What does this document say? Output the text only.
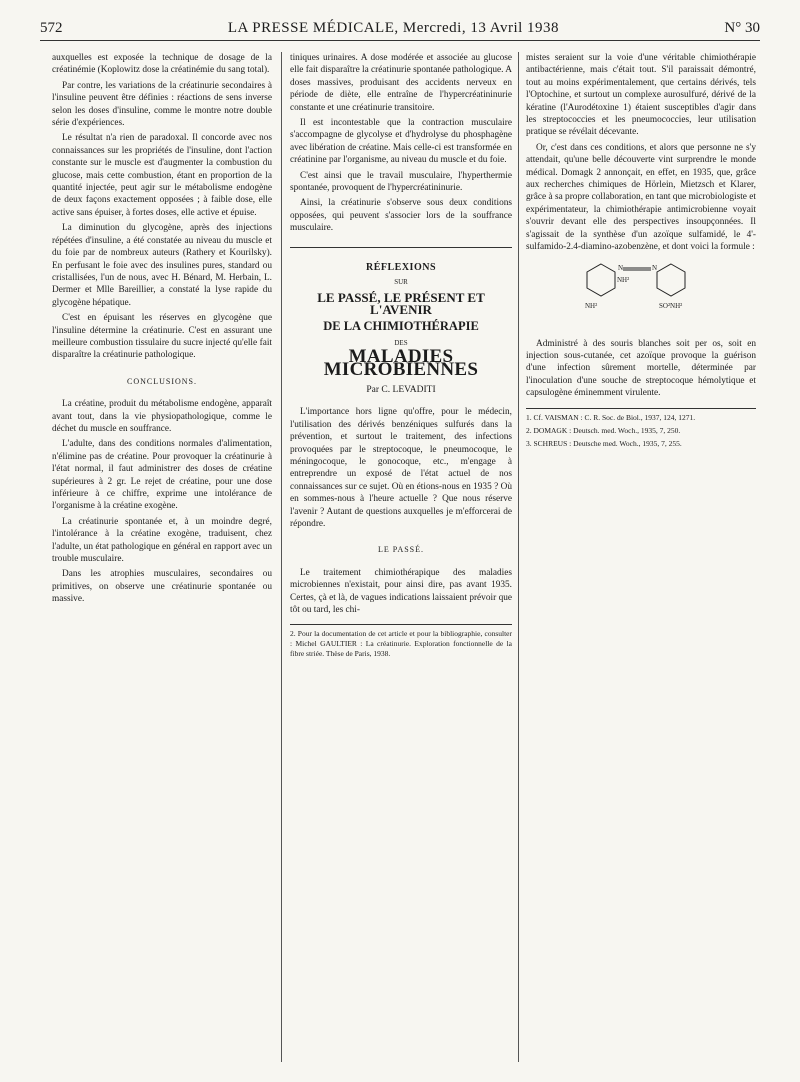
572	LA PRESSE MÉDICALE, Mercredi, 13 Avril 1938	N° 30

auxquelles est exposée la technique de dosage de la créatinémie (Koplowitz dose la créatinémie du sang total).

Par contre, les variations de la créatinurie secondaires à l'insuline peuvent être définies : réactions de sens inverse selon les doses d'insuline, comme le montre notre double série d'expériences.

Le résultat n'a rien de paradoxal. Il concorde avec nos connaissances sur les propriétés de l'insuline, dont l'action constante sur le muscle est d'augmenter la combustion du glucose, mais cette combustion, étant en proportion de la quantité injectée, peut agir sur le métabolisme endogène de deux façons exactement opposées ; à faible dose, elle active sans épuiser, à fortes doses, elle active et épuise.

La diminution du glycogène, après des injections répétées d'insuline, a été constatée au niveau du muscle et du foie par de nombreux auteurs (Rathery et Kourilsky). En perfusant le foie avec des insulines pures, standard ou cristallisées, l'un de nous, avec H. Bénard, M. Herbain, L. Dermer et Mlle Bareillier, a constaté la lyse rapide du glycogène hépatique.

C'est en épuisant les réserves en glycogène que l'insuline détermine la créatinurie. C'est en assurant une meilleure combustion tissulaire du sucre injecté qu'elle fait disparaître la créatinurie pathologique.

CONCLUSIONS.

La créatine, produit du métabolisme endogène, apparaît avant tout, dans la vie physiopathologique, comme le déchet du muscle en souffrance.

L'adulte, dans des conditions normales d'alimentation, n'élimine pas de créatine. Pour provoquer la créatinurie à l'état normal, il faut administrer des doses de créatine supérieures à 2 gr. Le rejet de créatine, pour une dose inférieure à ce chiffre, exprime une intolérance de l'organisme à la créatine exogène.

La créatinurie spontanée et, à un moindre degré, l'intolérance à la créatine exogène, traduisent, chez l'adulte, un état pathologique en général en rapport avec un trouble musculaire.

Dans les atrophies musculaires, secondaires ou primitives, on observe une créatinurie spontanée ou massive.

tiniques urinaires. A dose modérée et associée au glucose elle fait disparaître la créatinurie spontanée pathologique. A doses massives, produisant des accidents nerveux en période de diète, elle entraîne de l'hypercréatininurie constante et une créatinurie transitoire.

Il est incontestable que la contraction musculaire s'accompagne de glycolyse et d'hydrolyse du phosphagène avec libération de créatine. Mais celle-ci est transformée en créatinine par l'organisme, au niveau du muscle et du foie.

C'est ainsi que le travail musculaire, l'hyperthermie spontanée, provoquent de l'hypercréatininurie.

Ainsi, la créatinurie s'observe sous deux conditions opposées, qui peuvent s'associer lors de la souffrance musculaire.

RÉFLEXIONS
SUR
LE PASSÉ, LE PRÉSENT ET L'AVENIR
DE LA CHIMIOTHÉRAPIE
DES
MALADIES MICROBIENNES
Par C. LEVADITI

L'importance hors ligne qu'offre, pour le médecin, l'utilisation des dérivés benzéniques sulfurés dans la prévention, et surtout le traitement, des infections provoquées par le streptocoque, le pneumocoque, le méningocoque, le gonocoque, etc., m'engage à entreprendre un exposé de l'état actuel de nos connaissances sur ce sujet. Où en étions-nous en 1935 ? Où en sommes-nous à l'heure actuelle ? Que nous réserve l'avenir ? Autant de questions auxquelles je m'efforcerai de répondre.

LE PASSÉ.

Le traitement chimiothérapique des maladies microbiennes n'existait, pour ainsi dire, pas avant 1935. Certes, çà et là, de vagues indications laissaient prévoir que tôt ou tard, les chi-

2. Pour la documentation de cet article et pour la bibliographie, consulter : Michel GAULTIER : La créatinurie. Exploration fonctionnelle de la fibre striée. Thèse de Paris, 1938.

mistes seraient sur la voie d'une véritable chimiothérapie antibactérienne, mais c'était tout. S'il paraissait démontré, tout au moins expérimentalement, que certains dérivés, tels l'Optochine, et surtout un complexe aurosulfuré, dérivé de la kératine (l'Aurodétoxine 1) étaient susceptibles d'agir dans les streptococcies et les pneumococcies, leur utilisation pratique se révélait décevante.

Or, c'est dans ces conditions, et alors que personne ne s'y attendait, qu'une belle découverte vint surprendre le monde médical. Domagk 2 annonçait, en effet, en 1935, que, grâce aux recherches chimiques de Hörlein, Mietzsch et Klarer, grâce à sa propre collaboration, en tant que microbiologiste et expérimentateur, la chimiothérapie antimicrobienne voyait s'ouvrir devant elle des perspectives insoupçonnées. Il s'agissait de la synthèse d'un azoïque sulfamidé, le 4'-sulfamido-2.4-diamino-azobenzène, et dont voici la formule :

N	N
NH²
NH²	SO²NH²

Administré à des souris blanches soit per os, soit en injection sous-cutanée, cet azoïque provoque la guérison d'une infection sûrement mortelle, déterminée par l'inoculation d'une souche de streptocoque hémolytique et capsulogène éminemment virulente.

1. Cf. VAISMAN : C. R. Soc. de Biol., 1937, 124, 1271.

2. DOMAGK : Deutsch. med. Woch., 1935, 7, 250.

3. SCHREUS : Deutsche med. Woch., 1935, 7, 255.
